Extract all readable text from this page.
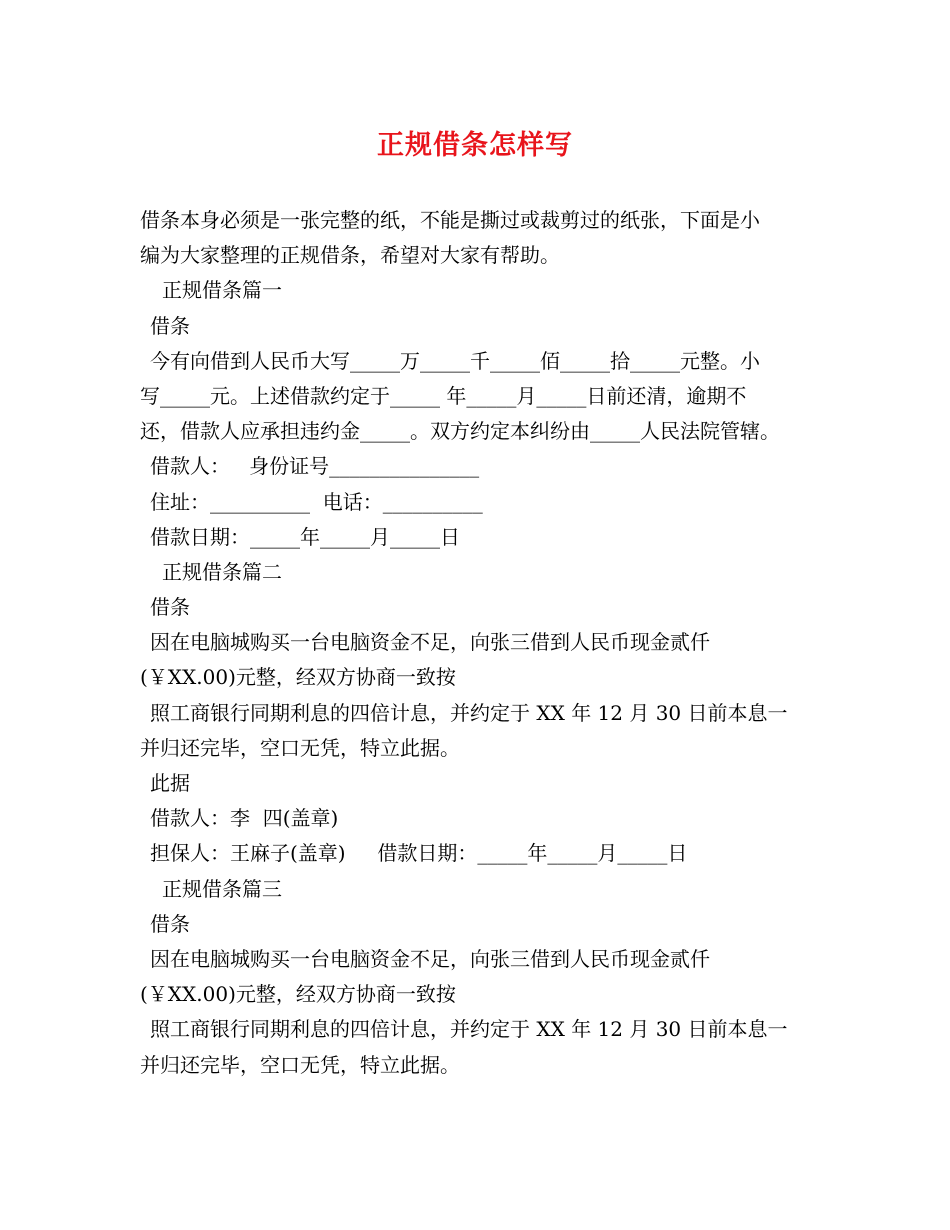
正规借条怎样写
借条本身必须是一张完整的纸，不能是撕过或裁剪过的纸张，下面是小
编为大家整理的正规借条，希望对大家有帮助。
正规借条篇一
借条
今有向借到人民币大写_____万_____千_____佰_____拾_____元整。小
写_____元。上述借款约定于_____ 年_____月_____日前还清，逾期不
还，借款人应承担违约金_____。双方约定本纠纷由_____人民法院管辖。
借款人：   身份证号_______________
住址：__________  电话：__________
借款日期：_____年_____月_____日
正规借条篇二
借条
因在电脑城购买一台电脑资金不足，向张三借到人民币现金贰仟
(￥XX.00)元整，经双方协商一致按
照工商银行同期利息的四倍计息，并约定于 XX 年 12 月 30 日前本息一
并归还完毕，空口无凭，特立此据。
此据
借款人：李  四(盖章)
担保人：王麻子(盖章)     借款日期：_____年_____月_____日
正规借条篇三
借条
因在电脑城购买一台电脑资金不足，向张三借到人民币现金贰仟
(￥XX.00)元整，经双方协商一致按
照工商银行同期利息的四倍计息，并约定于 XX 年 12 月 30 日前本息一
并归还完毕，空口无凭，特立此据。
